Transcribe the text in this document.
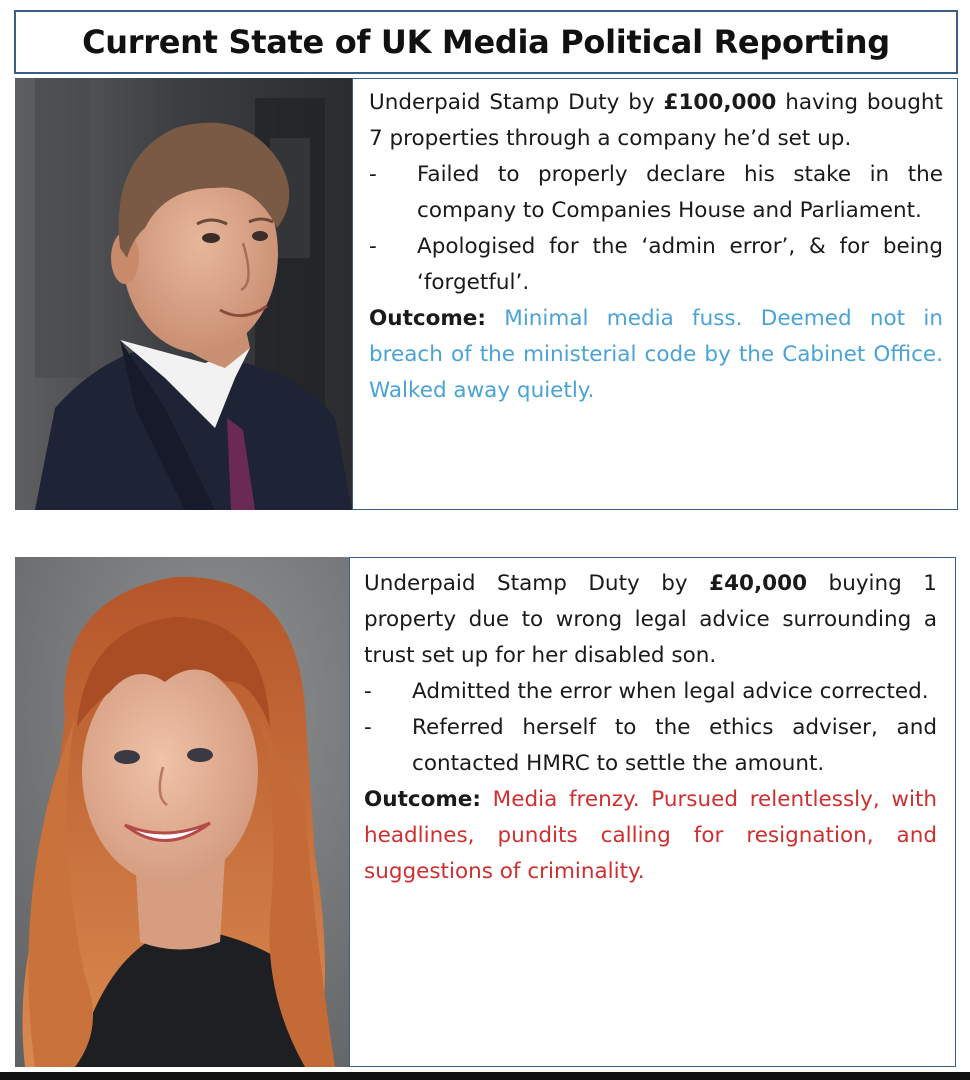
Current State of UK Media Political Reporting

Underpaid Stamp Duty by £100,000 having bought 7 properties through a company he’d set up.

- Failed to properly declare his stake in the company to Companies House and Parliament.
- Apologised for the ‘admin error’, & for being ‘forgetful’.

Outcome: Minimal media fuss. Deemed not in breach of the ministerial code by the Cabinet Office. Walked away quietly.

Underpaid Stamp Duty by £40,000 buying 1 property due to wrong legal advice surrounding a trust set up for her disabled son.

- Admitted the error when legal advice corrected.
- Referred herself to the ethics adviser, and contacted HMRC to settle the amount.

Outcome: Media frenzy. Pursued relentlessly, with headlines, pundits calling for resignation, and suggestions of criminality.
